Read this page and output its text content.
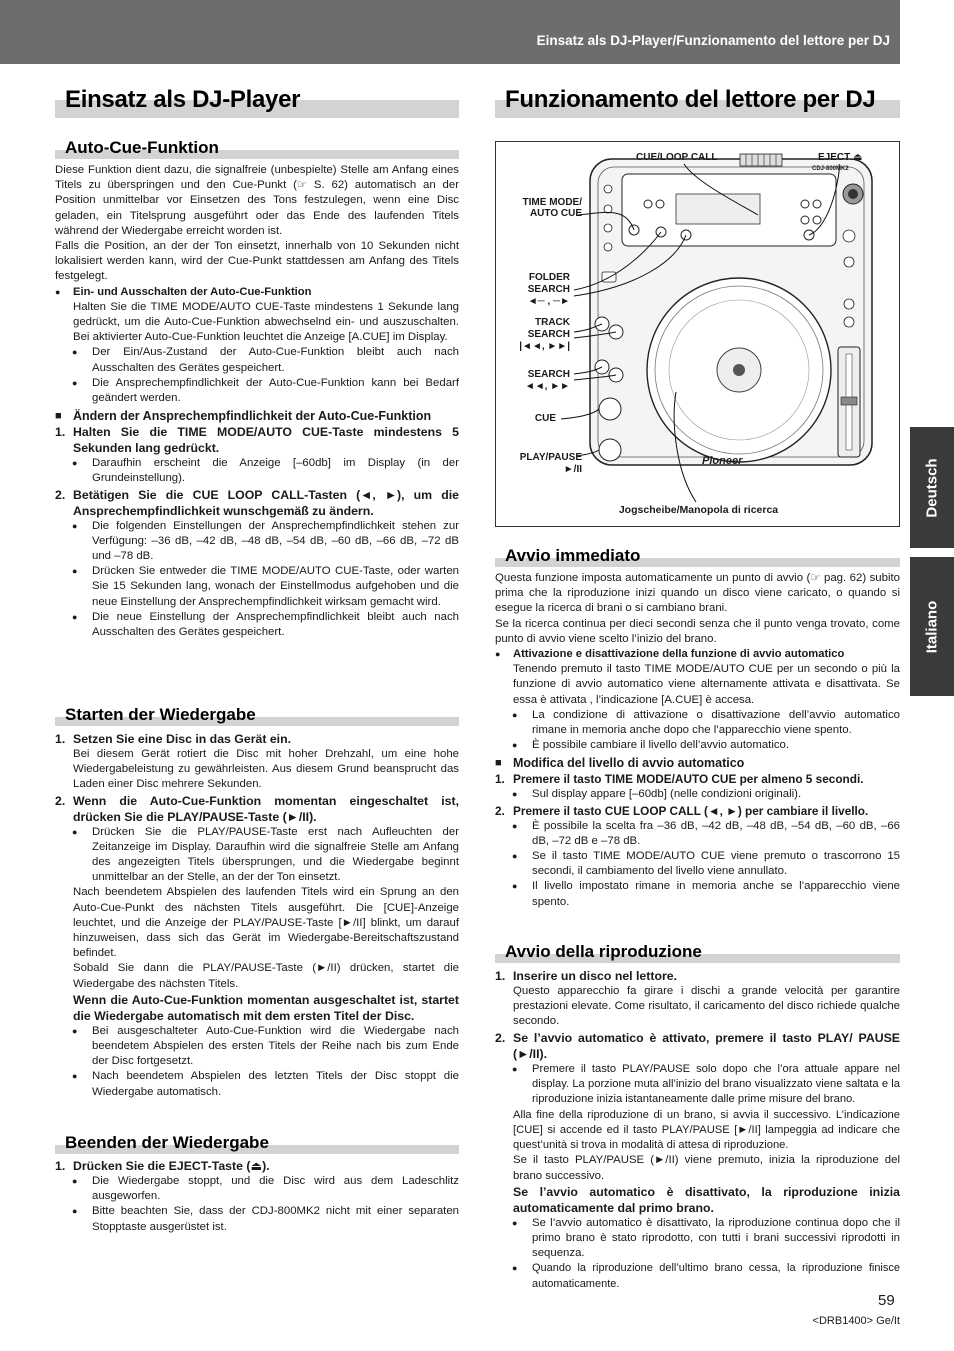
Einsatz als DJ-Player/Funzionamento del lettore per DJ
Einsatz als DJ-Player
Auto-Cue-Funktion
Diese Funktion dient dazu, die signalfreie (unbespielte) Stelle am Anfang eines Titels zu überspringen und den Cue-Punkt (☞ S. 62) automatisch an der Position unmittelbar vor Einsetzen des Tons festzulegen, wenn eine Disc geladen, ein Titelsprung ausgeführt oder das Ende des laufenden Titels während der Wiedergabe erreicht worden ist.
Falls die Position, an der der Ton einsetzt, innerhalb von 10 Sekunden nicht lokalisiert werden kann, wird der Cue-Punkt stattdessen am Anfang des Titels festgelegt.
● Ein- und Ausschalten der Auto-Cue-Funktion
Halten Sie die TIME MODE/AUTO CUE-Taste mindestens 1 Sekunde lang gedrückt, um die Auto-Cue-Funktion abwechselnd ein- und auszuschalten. Bei aktivierter Auto-Cue-Funktion leuchtet die Anzeige [A.CUE] im Display.
● Der Ein/Aus-Zustand der Auto-Cue-Funktion bleibt auch nach Ausschalten des Gerätes gespeichert.
● Die Ansprechempfindlichkeit der Auto-Cue-Funktion kann bei Bedarf geändert werden.
■ Ändern der Ansprechempfindlichkeit der Auto-Cue-Funktion
1. Halten Sie die TIME MODE/AUTO CUE-Taste mindestens 5 Sekunden lang gedrückt.
● Daraufhin erscheint die Anzeige [–60db] im Display (in der Grundeinstellung).
2. Betätigen Sie die CUE LOOP CALL-Tasten (◄, ►), um die Ansprechempfindlichkeit wunschgemäß zu ändern.
● Die folgenden Einstellungen der Ansprechempfindlichkeit stehen zur Verfügung: –36 dB, –42 dB, –48 dB, –54 dB, –60 dB, –66 dB, –72 dB und –78 dB.
● Drücken Sie entweder die TIME MODE/AUTO CUE-Taste, oder warten Sie 15 Sekunden lang, wonach der Einstellmodus aufgehoben und die neue Einstellung der Ansprechempfindlichkeit wirksam gemacht wird.
● Die neue Einstellung der Ansprechempfindlichkeit bleibt auch nach Ausschalten des Gerätes gespeichert.
Starten der Wiedergabe
1. Setzen Sie eine Disc in das Gerät ein.
Bei diesem Gerät rotiert die Disc mit hoher Drehzahl, um eine hohe Wiedergabeleistung zu gewährleisten. Aus diesem Grund beansprucht das Laden einer Disc mehrere Sekunden.
2. Wenn die Auto-Cue-Funktion momentan eingeschaltet ist, drücken Sie die PLAY/PAUSE-Taste (►/II).
● Drücken Sie die PLAY/PAUSE-Taste erst nach Aufleuchten der Zeitanzeige im Display. Daraufhin wird die signalfreie Stelle am Anfang des angezeigten Titels übersprungen, und die Wiedergabe beginnt unmittelbar an der Stelle, an der der Ton einsetzt.
Nach beendetem Abspielen des laufenden Titels wird ein Sprung an den Auto-Cue-Punkt des nächsten Titels ausgeführt. Die [CUE]-Anzeige leuchtet, und die Anzeige der PLAY/PAUSE-Taste [►/II] blinkt, um darauf hinzuweisen, dass sich das Gerät im Wiedergabe-Bereitschaftszustand befindet.
Sobald Sie dann die PLAY/PAUSE-Taste (►/II) drücken, startet die Wiedergabe des nächsten Titels.
Wenn die Auto-Cue-Funktion momentan ausgeschaltet ist, startet die Wiedergabe automatisch mit dem ersten Titel der Disc.
● Bei ausgeschalteter Auto-Cue-Funktion wird die Wiedergabe nach beendetem Abspielen des ersten Titels der Reihe nach bis zum Ende der Disc fortgesetzt.
● Nach beendetem Abspielen des letzten Titels der Disc stoppt die Wiedergabe automatisch.
Beenden der Wiedergabe
1. Drücken Sie die EJECT-Taste (⏏).
● Die Wiedergabe stoppt, und die Disc wird aus dem Ladeschlitz ausgeworfen.
● Bitte beachten Sie, dass der CDJ-800MK2 nicht mit einer separaten Stopptaste ausgerüstet ist.
Funzionamento del lettore per DJ
CDJ-800MK2
Pioneer
CUE/LOOP CALL	EJECT ⏏
TIME MODE/
AUTO CUE
FOLDER
SEARCH
◄─ , ─►
TRACK
SEARCH
|◄◄, ►►|
SEARCH
◄◄, ►►
CUE
PLAY/PAUSE
►/II
Jogscheibe/Manopola di ricerca
Avvio immediato
Questa funzione imposta automaticamente un punto di avvio (☞ pag. 62) subito prima che la riproduzione inizi quando un disco viene caricato, o quando si esegue la ricerca di brani o si cambiano brani.
Se la ricerca continua per dieci secondi senza che il punto venga trovato, come punto di avvio viene scelto l’inizio del brano.
● Attivazione e disattivazione della funzione di avvio automatico
Tenendo premuto il tasto TIME MODE/AUTO CUE per un secondo o più la funzione di avvio automatico viene alternamente attivata e disattivata. Se essa è attivata , l’indicazione [A.CUE] è accesa.
● La condizione di attivazione o disattivazione dell’avvio automatico rimane in memoria anche dopo che l’apparecchio viene spento.
● È possibile cambiare il livello dell’avvio automatico.
■ Modifica del livello di avvio automatico
1. Premere il tasto TIME MODE/AUTO CUE per almeno 5 secondi.
● Sul display appare [–60db] (nelle condizioni originali).
2. Premere il tasto CUE LOOP CALL (◄, ►) per cambiare il livello.
● È possibile la scelta fra –36 dB, –42 dB, –48 dB, –54 dB, –60 dB, –66 dB, –72 dB e –78 dB.
● Se il tasto TIME MODE/AUTO CUE viene premuto o trascorrono 15 secondi, il cambiamento del livello viene annullato.
● Il livello impostato rimane in memoria anche se l’apparecchio viene spento.
Avvio della riproduzione
1. Inserire un disco nel lettore.
Questo apparecchio fa girare i dischi a grande velocità per garantire prestazioni elevate. Come risultato, il caricamento del disco richiede qualche secondo.
2. Se l’avvio automatico è attivato, premere il tasto PLAY/ PAUSE (►/II).
● Premere il tasto PLAY/PAUSE solo dopo che l’ora attuale appare nel display. La porzione muta all’inizio del brano visualizzato viene saltata e la riproduzione inizia istantaneamente dalle prime misure del brano.
Alla fine della riproduzione di un brano, si avvia il successivo. L’indicazione [CUE] si accende ed il tasto PLAY/PAUSE [►/II] lampeggia ad indicare che quest’unità si trova in modalità di attesa di riproduzione.
Se il tasto PLAY/PAUSE (►/II) viene premuto, inizia la riproduzione del brano successivo.
Se l’avvio automatico è disattivato, la riproduzione inizia automaticamente dal primo brano.
● Se l’avvio automatico è disattivato, la riproduzione continua dopo che il primo brano è stato riprodotto, con tutti i brani successivi riprodotti in sequenza.
● Quando la riproduzione dell’ultimo brano cessa, la riproduzione finisce automaticamente.
Deutsch
Italiano
59
<DRB1400> Ge/It
